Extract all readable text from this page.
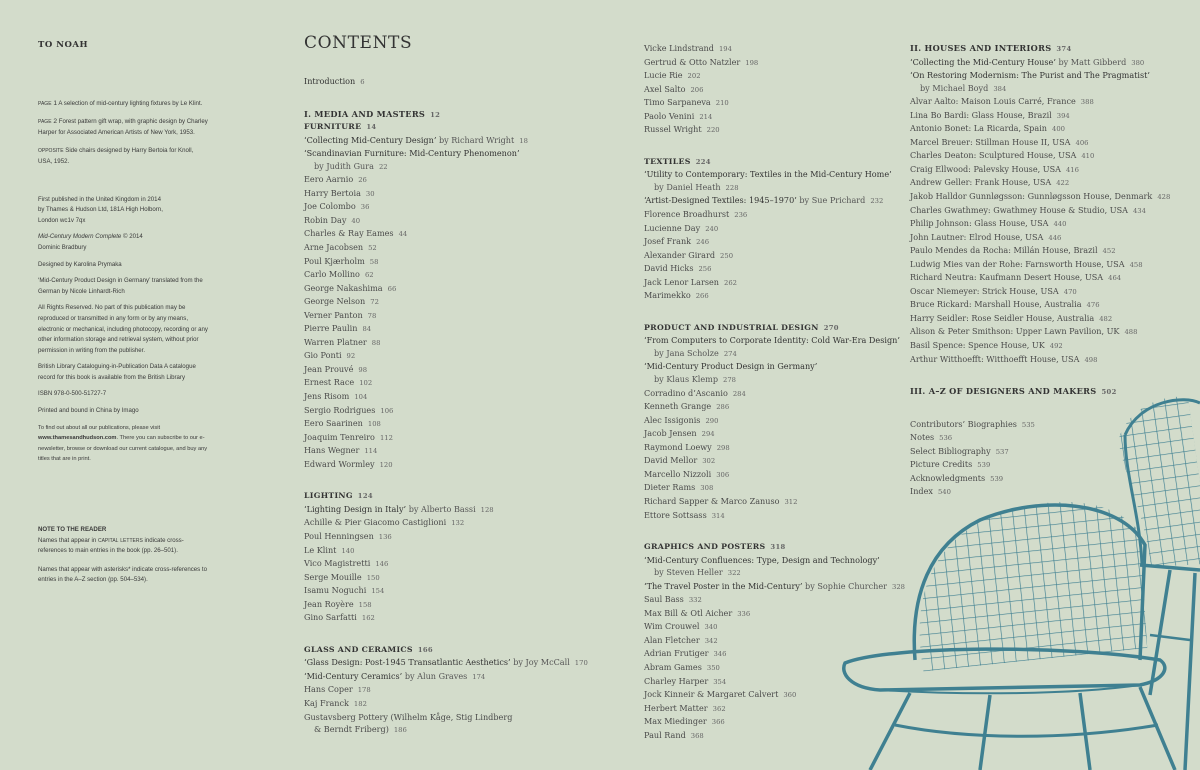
TO NOAH

page 1 A selection of mid-century lighting fixtures by Le Klint.

page 2 Forest pattern gift wrap, with graphic design by Charley Harper for Associated American Artists of New York, 1953.

opposite Side chairs designed by Harry Bertoia for Knoll, USA, 1952.

First published in the United Kingdom in 2014

by Thames & Hudson Ltd, 181A High Holborn,

London wc1v 7qx

Mid-Century Modern Complete © 2014

Dominic Bradbury

Designed by Karolina Prymaka

‘Mid-Century Product Design in Germany’ translated from the German by Nicole Linhardt-Rich

All Rights Reserved. No part of this publication may be reproduced or transmitted in any form or by any means, electronic or mechanical, including photocopy, recording or any other information storage and retrieval system, without prior permission in writing from the publisher.

British Library Cataloguing-in-Publication Data A catalogue record for this book is available from the British Library

ISBN 978-0-500-51727-7

Printed and bound in China by Imago

To find out about all our publications, please visit www.thamesandhudson.com. There you can subscribe to our e-newsletter, browse or download our current catalogue, and buy any titles that are in print.

NOTE TO THE READER

Names that appear in capital letters indicate cross-references to main entries in the book (pp. 26–501).

Names that appear with asterisks* indicate cross-references to entries in the A–Z section (pp. 504–534).

CONTENTS
Introduction 6
I. MEDIA AND MASTERS 12
FURNITURE 14
‘Collecting Mid-Century Design’ by Richard Wright 18
‘Scandinavian Furniture: Mid-Century Phenomenon’
by Judith Gura 22
Eero Aarnio 26
Harry Bertoia 30
Joe Colombo 36
Robin Day 40
Charles & Ray Eames 44
Arne Jacobsen 52
Poul Kjærholm 58
Carlo Mollino 62
George Nakashima 66
George Nelson 72
Verner Panton 78
Pierre Paulin 84
Warren Platner 88
Gio Ponti 92
Jean Prouvé 98
Ernest Race 102
Jens Risom 104
Sergio Rodrigues 106
Eero Saarinen 108
Joaquim Tenreiro 112
Hans Wegner 114
Edward Wormley 120
LIGHTING 124
‘Lighting Design in Italy’ by Alberto Bassi 128
Achille & Pier Giacomo Castiglioni 132
Poul Henningsen 136
Le Klint 140
Vico Magistretti 146
Serge Mouille 150
Isamu Noguchi 154
Jean Royère 158
Gino Sarfatti 162
GLASS AND CERAMICS 166
‘Glass Design: Post-1945 Transatlantic Aesthetics’ by Joy McCall 170
‘Mid-Century Ceramics’ by Alun Graves 174
Hans Coper 178
Kaj Franck 182
Gustavsberg Pottery (Wilhelm Kåge, Stig Lindberg
& Berndt Friberg) 186
Vicke Lindstrand 194
Gertrud & Otto Natzler 198
Lucie Rie 202
Axel Salto 206
Timo Sarpaneva 210
Paolo Venini 214
Russel Wright 220
TEXTILES 224
‘Utility to Contemporary: Textiles in the Mid-Century Home’
by Daniel Heath 228
‘Artist-Designed Textiles: 1945–1970’ by Sue Prichard 232
Florence Broadhurst 236
Lucienne Day 240
Josef Frank 246
Alexander Girard 250
David Hicks 256
Jack Lenor Larsen 262
Marimekko 266
PRODUCT AND INDUSTRIAL DESIGN 270
‘From Computers to Corporate Identity: Cold War-Era Design’
by Jana Scholze 274
‘Mid-Century Product Design in Germany’
by Klaus Klemp 278
Corradino d’Ascanio 284
Kenneth Grange 286
Alec Issigonis 290
Jacob Jensen 294
Raymond Loewy 298
David Mellor 302
Marcello Nizzoli 306
Dieter Rams 308
Richard Sapper & Marco Zanuso 312
Ettore Sottsass 314
GRAPHICS AND POSTERS 318
‘Mid-Century Confluences: Type, Design and Technology’
by Steven Heller 322
‘The Travel Poster in the Mid-Century’ by Sophie Churcher 328
Saul Bass 332
Max Bill & Otl Aicher 336
Wim Crouwel 340
Alan Fletcher 342
Adrian Frutiger 346
Abram Games 350
Charley Harper 354
Jock Kinneir & Margaret Calvert 360
Herbert Matter 362
Max Miedinger 366
Paul Rand 368
II. HOUSES AND INTERIORS 374
‘Collecting the Mid-Century House’ by Matt Gibberd 380
‘On Restoring Modernism: The Purist and The Pragmatist’
by Michael Boyd 384
Alvar Aalto: Maison Louis Carré, France 388
Lina Bo Bardi: Glass House, Brazil 394
Antonio Bonet: La Ricarda, Spain 400
Marcel Breuer: Stillman House II, USA 406
Charles Deaton: Sculptured House, USA 410
Craig Ellwood: Palevsky House, USA 416
Andrew Geller: Frank House, USA 422
Jakob Halldor Gunnløgsson: Gunnløgsson House, Denmark 428
Charles Gwathmey: Gwathmey House & Studio, USA 434
Philip Johnson: Glass House, USA 440
John Lautner: Elrod House, USA 446
Paulo Mendes da Rocha: Millán House, Brazil 452
Ludwig Mies van der Rohe: Farnsworth House, USA 458
Richard Neutra: Kaufmann Desert House, USA 464
Oscar Niemeyer: Strick House, USA 470
Bruce Rickard: Marshall House, Australia 476
Harry Seidler: Rose Seidler House, Australia 482
Alison & Peter Smithson: Upper Lawn Pavilion, UK 488
Basil Spence: Spence House, UK 492
Arthur Witthoefft: Witthoefft House, USA 498
III. A–Z OF DESIGNERS AND MAKERS 502
Contributors’ Biographies 535
Notes 536
Select Bibliography 537
Picture Credits 539
Acknowledgments 539
Index 540
